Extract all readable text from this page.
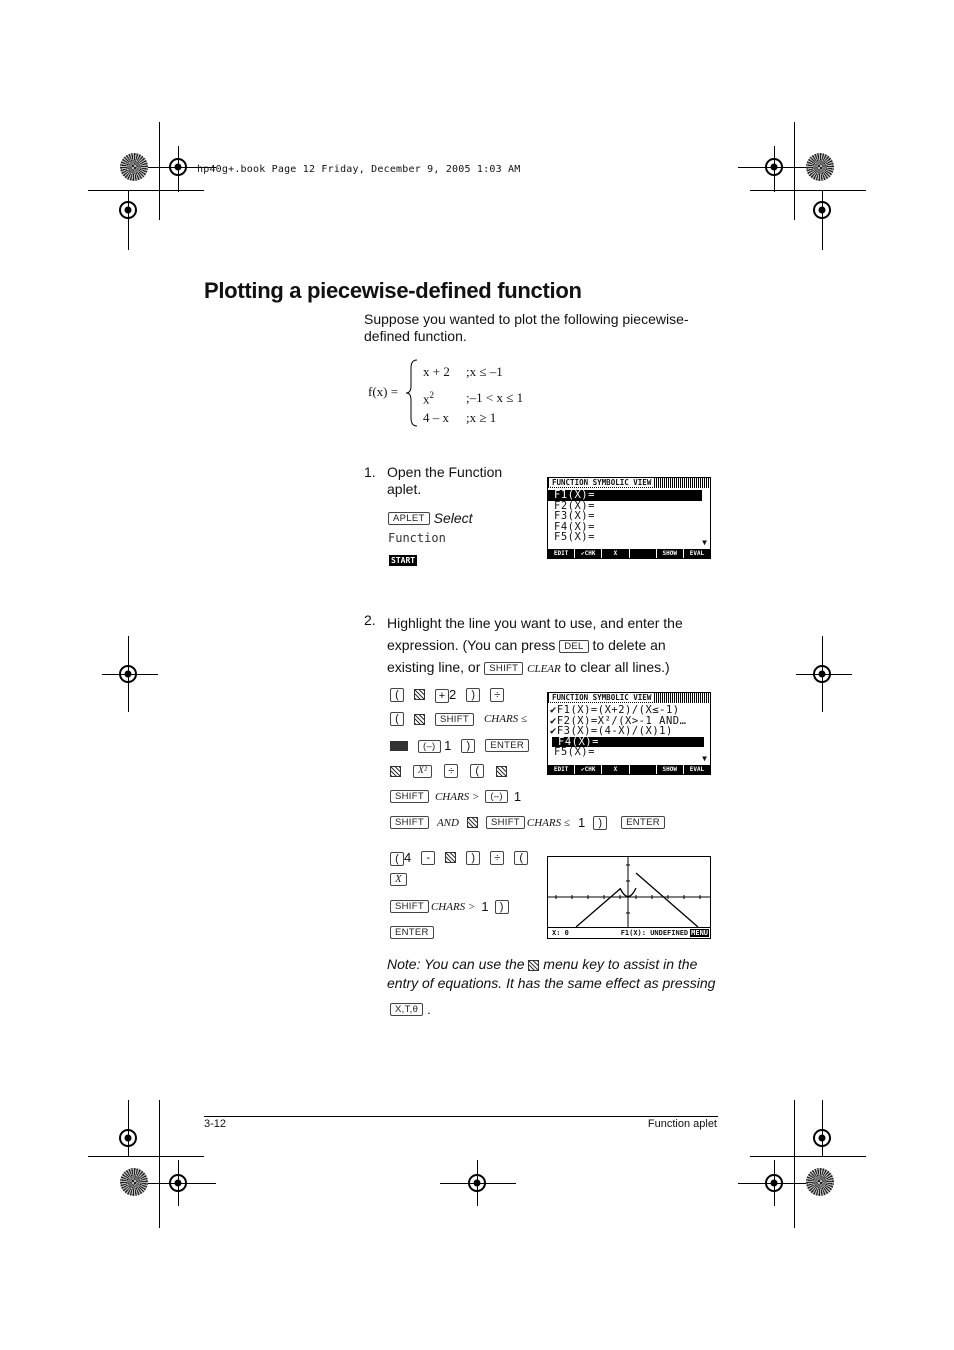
hp40g+.book Page 12 Friday, December 9, 2005 1:03 AM
Plotting a piecewise-defined function
Suppose you wanted to plot the following piecewise-defined function.
f(x) =
x + 2 ;x ≤ –1
$x^2$ ;–1 < x ≤ 1
4 – x ;x ≥ 1
1. Open the Function aplet.
APLET Select
Function
START
FUNCTION SYMBOLIC VIEW
F1(X)=
F2(X)=
F3(X)=
F4(X)=
F5(X)=	▼
EDIT	✔CHK	X	SHOW	EVAL
2. Highlight the line you want to use, and enter the expression. (You can press DEL to delete an existing line, or SHIFT CLEAR to clear all lines.)
(	+ 2	)	÷
(	SHIFT	CHARS ≤
(–) 1	)	ENTER
X²	÷	(
SHIFT	CHARS >	(–) 1
SHIFT	AND	SHIFT CHARS ≤ 1	)	ENTER
FUNCTION SYMBOLIC VIEW
✔F1(X)=(X+2)/(X≤-1)
✔F2(X)=X²/(X>-1 AND…
✔F3(X)=(4-X)/(X)1)
F4(X)=
F5(X)=
▼
EDIT	✔CHK	X	SHOW	EVAL
( 4	-	)	÷	(
X
SHIFT CHARS > 1	)
ENTER	X: 0	F1(X): UNDEFINED MENU
Note: You can use the menu key to assist in the entry of equations. It has the same effect as pressing
X,T,θ .
3-12	Function aplet
